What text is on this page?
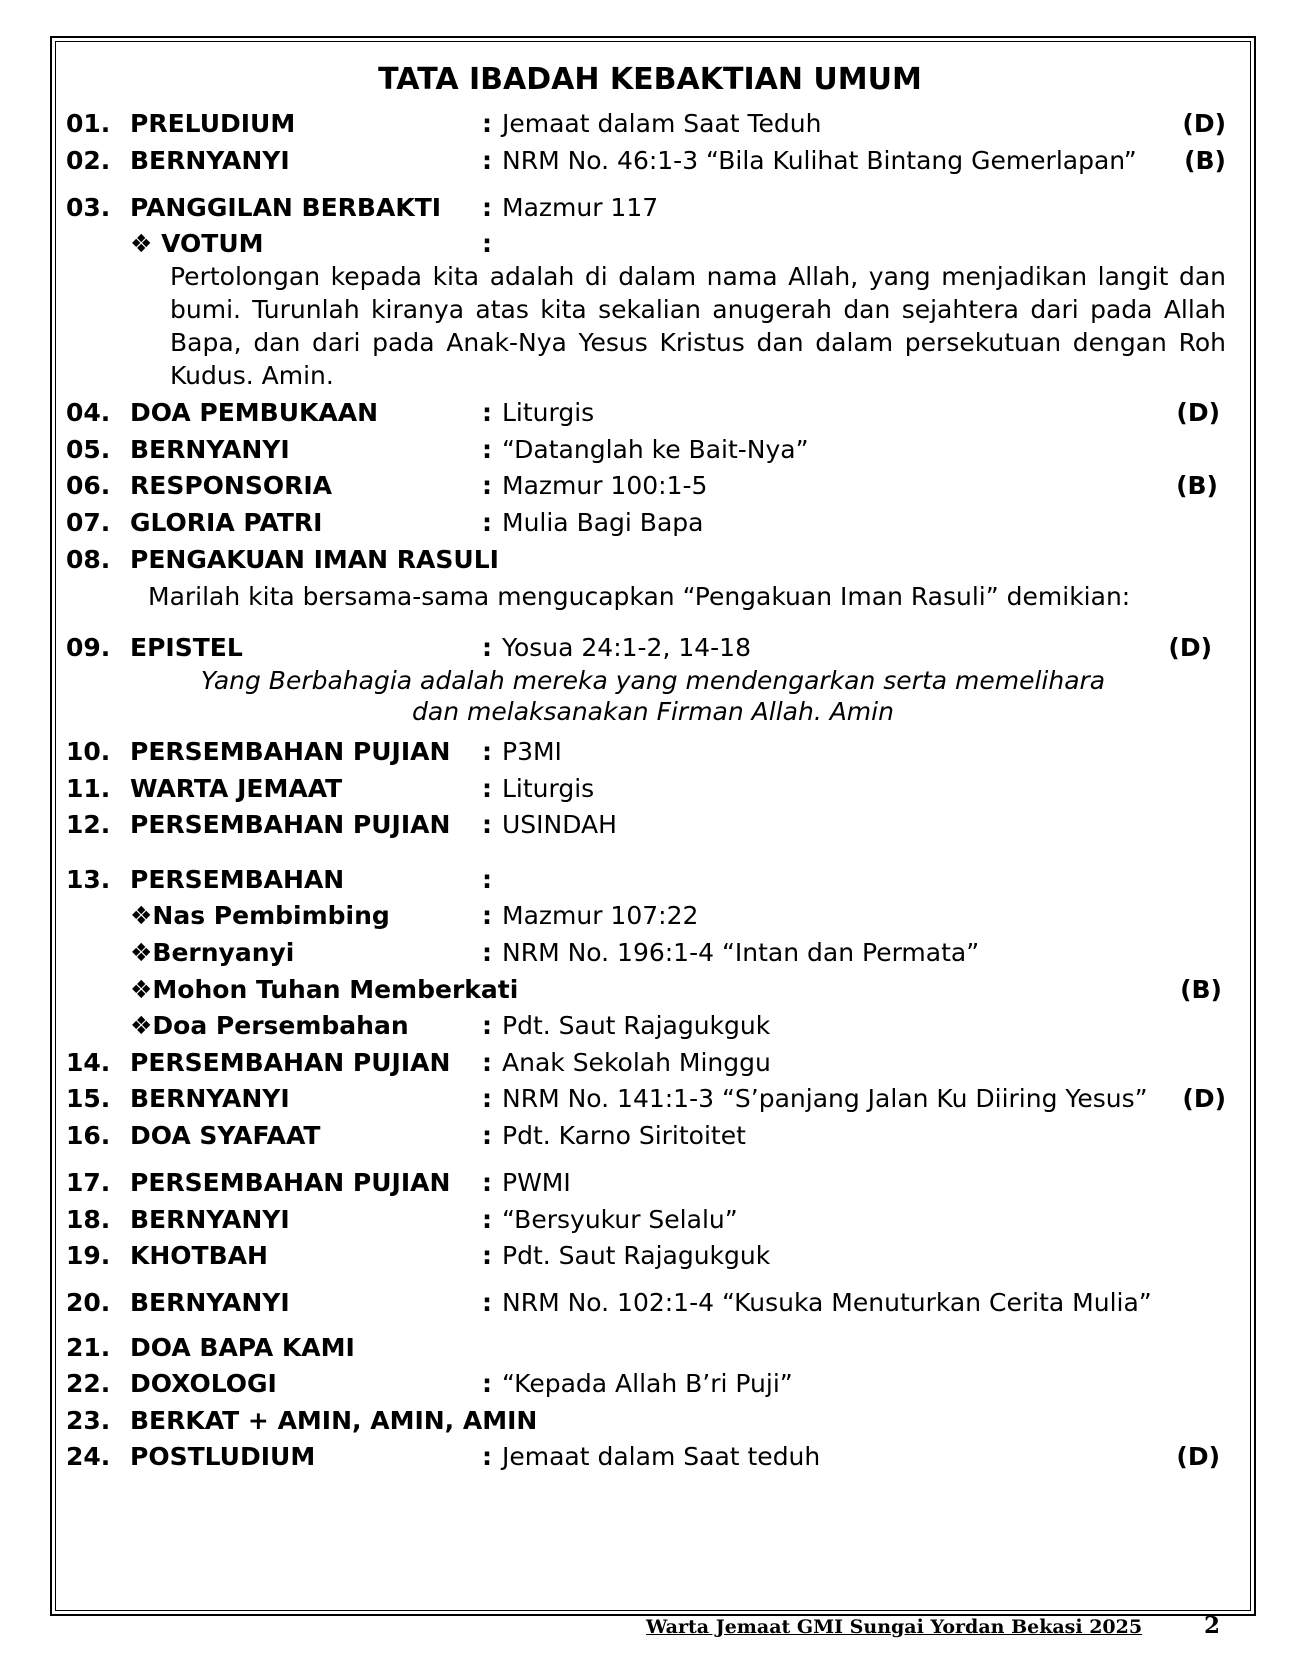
TATA IBADAH KEBAKTIAN UMUM
01. PRELUDIUM	: Jemaat dalam Saat Teduh	(D)
02. BERNYANYI	: NRM No. 46:1-3 “Bila Kulihat Bintang Gemerlapan” (B)
03. PANGGILAN BERBAKTI : Mazmur 117
❖ VOTUM	:
Pertolongan kepada kita adalah di dalam nama Allah, yang menjadikan langit dan bumi. Turunlah kiranya atas kita sekalian anugerah dan sejahtera dari pada Allah Bapa, dan dari pada Anak-Nya Yesus Kristus dan dalam persekutuan dengan Roh Kudus. Amin.
04. DOA PEMBUKAAN	: Liturgis	(D)
05. BERNYANYI	: “Datanglah ke Bait-Nya”
06. RESPONSORIA	: Mazmur 100:1-5	(B)
07. GLORIA PATRI	: Mulia Bagi Bapa
08. PENGAKUAN IMAN RASULI
Marilah kita bersama-sama mengucapkan “Pengakuan Iman Rasuli” demikian:
09. EPISTEL	: Yosua 24:1-2, 14-18	(D)
Yang Berbahagia adalah mereka yang mendengarkan serta memelihara
dan melaksanakan Firman Allah. Amin
10. PERSEMBAHAN PUJIAN : P3MI
11. WARTA JEMAAT	: Liturgis
12. PERSEMBAHAN PUJIAN : USINDAH
13. PERSEMBAHAN	:
❖Nas Pembimbing	: Mazmur 107:22
❖Bernyanyi	: NRM No. 196:1-4 “Intan dan Permata”
❖Mohon Tuhan Memberkati	(B)
❖Doa Persembahan	: Pdt. Saut Rajagukguk
14. PERSEMBAHAN PUJIAN : Anak Sekolah Minggu
15. BERNYANYI	: NRM No. 141:1-3 “S’panjang Jalan Ku Diiring Yesus” (D)
16. DOA SYAFAAT	: Pdt. Karno Siritoitet
17. PERSEMBAHAN PUJIAN : PWMI
18. BERNYANYI	: “Bersyukur Selalu”
19. KHOTBAH	: Pdt. Saut Rajagukguk
20. BERNYANYI	: NRM No. 102:1-4 “Kusuka Menuturkan Cerita Mulia”
21. DOA BAPA KAMI
22. DOXOLOGI	: “Kepada Allah B’ri Puji”
23. BERKAT + AMIN, AMIN, AMIN
24. POSTLUDIUM	: Jemaat dalam Saat teduh	(D)
Warta Jemaat GMI Sungai Yordan Bekasi 2025	2
